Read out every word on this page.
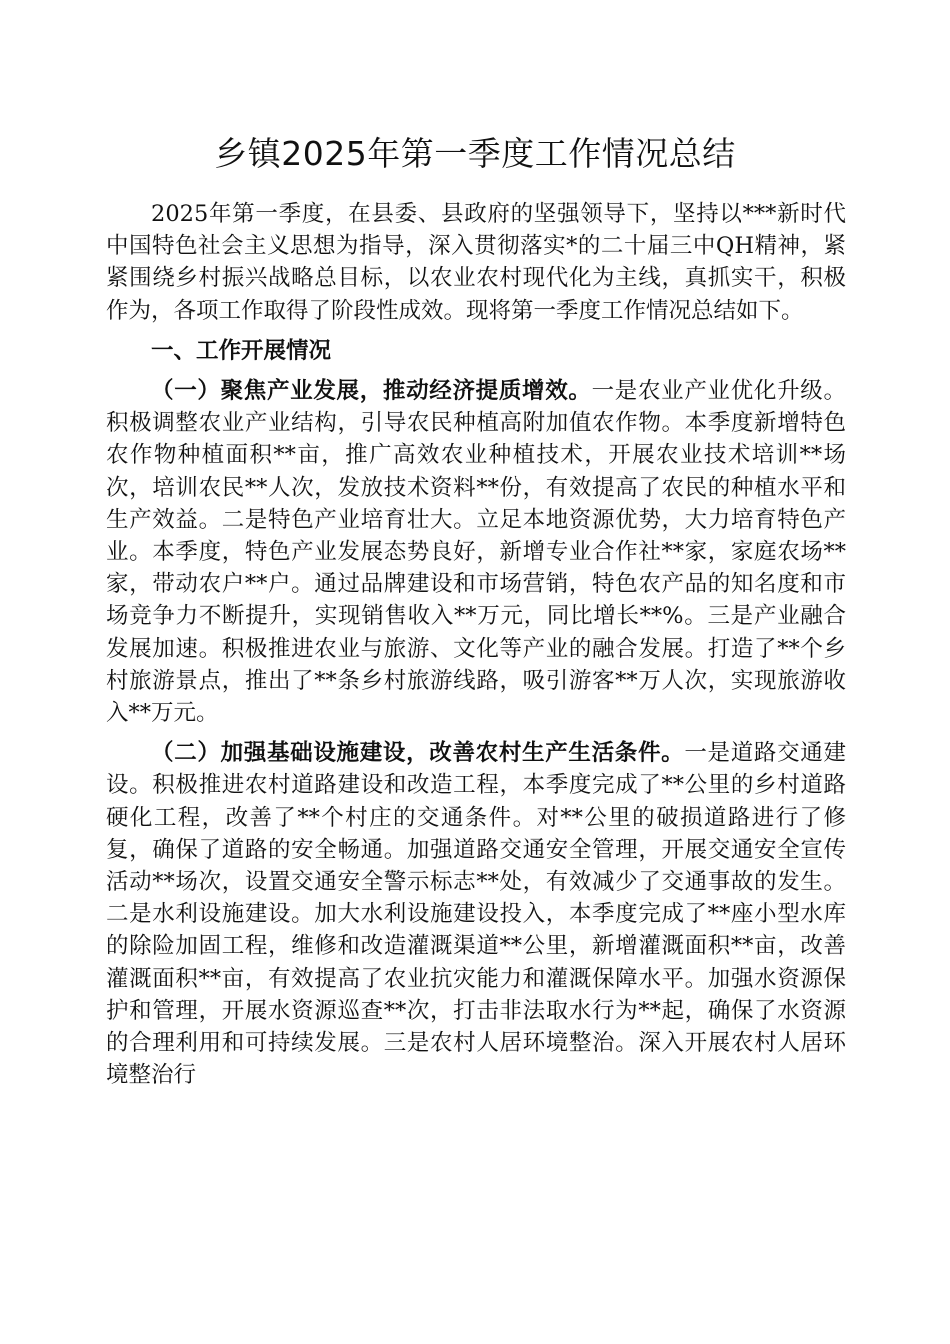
乡镇2025年第一季度工作情况总结

2025年第一季度，在县委、县政府的坚强领导下，坚持以***新时代中国特色社会主义思想为指导，深入贯彻落实*的二十届三中QH精神，紧紧围绕乡村振兴战略总目标，以农业农村现代化为主线，真抓实干，积极作为，各项工作取得了阶段性成效。现将第一季度工作情况总结如下。

一、工作开展情况

（一）聚焦产业发展，推动经济提质增效。一是农业产业优化升级。积极调整农业产业结构，引导农民种植高附加值农作物。本季度新增特色农作物种植面积**亩，推广高效农业种植技术，开展农业技术培训**场次，培训农民**人次，发放技术资料**份，有效提高了农民的种植水平和生产效益。二是特色产业培育壮大。立足本地资源优势，大力培育特色产业。本季度，特色产业发展态势良好，新增专业合作社**家，家庭农场**家，带动农户**户。通过品牌建设和市场营销，特色农产品的知名度和市场竞争力不断提升，实现销售收入**万元，同比增长**%。三是产业融合发展加速。积极推进农业与旅游、文化等产业的融合发展。打造了**个乡村旅游景点，推出了**条乡村旅游线路，吸引游客**万人次，实现旅游收入**万元。

（二）加强基础设施建设，改善农村生产生活条件。一是道路交通建设。积极推进农村道路建设和改造工程，本季度完成了**公里的乡村道路硬化工程，改善了**个村庄的交通条件。对**公里的破损道路进行了修复，确保了道路的安全畅通。加强道路交通安全管理，开展交通安全宣传活动**场次，设置交通安全警示标志**处，有效减少了交通事故的发生。二是水利设施建设。加大水利设施建设投入，本季度完成了**座小型水库的除险加固工程，维修和改造灌溉渠道**公里，新增灌溉面积**亩，改善灌溉面积**亩，有效提高了农业抗灾能力和灌溉保障水平。加强水资源保护和管理，开展水资源巡查**次，打击非法取水行为**起，确保了水资源的合理利用和可持续发展。三是农村人居环境整治。深入开展农村人居环境整治行
